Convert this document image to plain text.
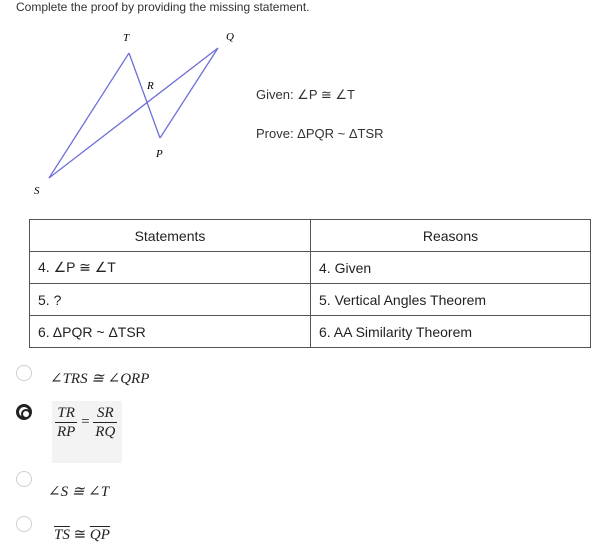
Complete the proof by providing the missing statement.
T
R
Q
P
S
Given: ∠P ≅ ∠T
Prove: ΔPQR ~ ΔTSR
Statements	Reasons
4. ∠P ≅ ∠T	4. Given
5. ?	5. Vertical Angles Theorem
6. ΔPQR ~ ΔTSR	6. AA Similarity Theorem
∠TRS ≅ ∠QRP
$\frac{TR}{RP} = \frac{SR}{RQ}$
∠S ≅ ∠T
$\overline{TS}$ ≅ $\overline{QP}$
